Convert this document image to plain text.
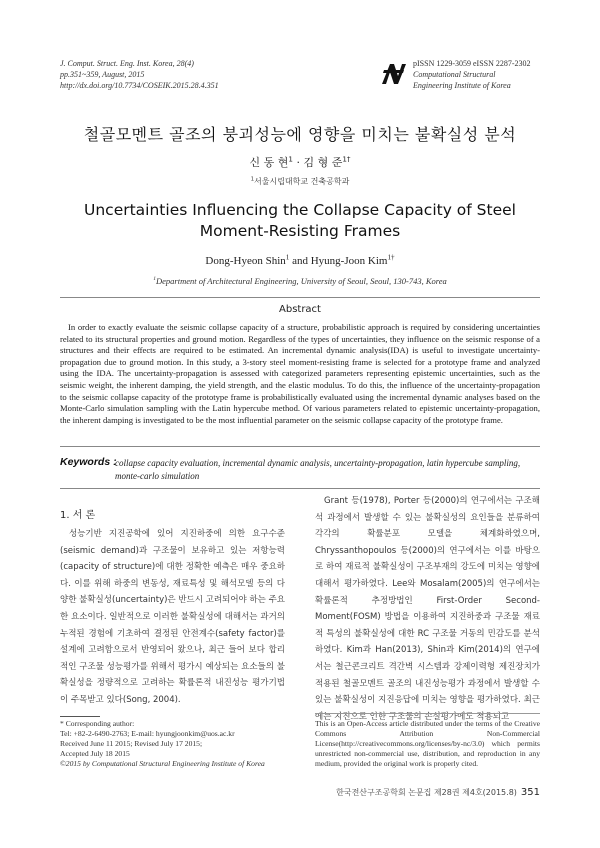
J. Comput. Struct. Eng. Inst. Korea, 28(4)
pp.351~359, August, 2015
http://dx.doi.org/10.7734/COSEIK.2015.28.4.351
pISSN 1229-3059 eISSN 2287-2302
Computational Structural
Engineering Institute of Korea
철골모멘트 골조의 붕괴성능에 영향을 미치는 불확실성 분석
신 동 현$^1$ · 김 형 준$^{1\dagger}$
$^1$서울시립대학교 건축공학과
Uncertainties Influencing the Collapse Capacity of Steel
Moment-Resisting Frames
Dong-Hyeon Shin$^1$ and Hyung-Joon Kim$^{1\dagger}$
$^1$Department of Architectural Engineering, University of Seoul, Seoul, 130-743, Korea
Abstract
In order to exactly evaluate the seismic collapse capacity of a structure, probabilistic approach is required by considering uncertainties related to its structural properties and ground motion. Regardless of the types of uncertainties, they influence on the seismic response of a structures and their effects are required to be estimated. An incremental dynamic analysis(IDA) is useful to investigate uncertainty-propagation due to ground motion. In this study, a 3-story steel moment-resisting frame is selected for a prototype frame and analyzed using the IDA. The uncertainty-propagation is assessed with categorized parameters representing epistemic uncertainties, such as the seismic weight, the inherent damping, the yield strength, and the elastic modulus. To do this, the influence of the uncertainty-propagation to the seismic collapse capacity of the prototype frame is probabilistically evaluated using the incremental dynamic analyses based on the Monte-Carlo simulation sampling with the Latin hypercube method. Of various parameters related to epistemic uncertainty-propagation, the inherent damping is investigated to be the most influential parameter on the seismic collapse capacity of the prototype frame.
Keywords :
collapse capacity evaluation, incremental dynamic analysis, uncertainty-propagation, latin hypercube sampling, monte-carlo simulation
1. 서 론
성능기반 지진공학에 있어 지진하중에 의한 요구수준(seismic demand)과 구조물이 보유하고 있는 저항능력(capacity of structure)에 대한 정확한 예측은 매우 중요하다. 이를 위해 하중의 변동성, 재료특성 및 해석모델 등의 다양한 불확실성(uncertainty)은 반드시 고려되어야 하는 주요한 요소이다. 일반적으로 이러한 불확실성에 대해서는 과거의 누적된 경험에 기초하여 결정된 안전계수(safety factor)를 설계에 고려함으로서 반영되어 왔으나, 최근 들어 보다 합리적인 구조물 성능평가를 위해서 평가시 예상되는 요소들의 불확실성을 정량적으로 고려하는 확률론적 내진성능 평가기법이 주목받고 있다(Song, 2004).
Grant 등(1978), Porter 등(2000)의 연구에서는 구조해석 과정에서 발생할 수 있는 불확실성의 요인들을 분류하여 각각의 확률분포 모델을 체계화하였으며, Chryssanthopoulos 등(2000)의 연구에서는 이를 바탕으로 하여 재료적 불확실성이 구조부재의 강도에 미치는 영향에 대해서 평가하였다. Lee와 Mosalam(2005)의 연구에서는 확률론적 추정방법인 First-Order Second-Moment(FOSM) 방법을 이용하여 지진하중과 구조물 재료적 특성의 불확실성에 대한 RC 구조물 거동의 민감도를 분석하였다. Kim과 Han(2013), Shin과 Kim(2014)의 연구에서는 철근콘크리트 격간벽 시스템과 강제이력형 제진장치가 적용된 철골모멘트 골조의 내진성능평가 과정에서 발생할 수 있는 불확실성이 지진응답에 미치는 영향을 평가하였다. 최근에는 지진으로 인한 구조물의 손실평가에도 적용되고
* Corresponding author:
Tel: +82-2-6490-2763; E-mail: hyungjoonkim@uos.ac.kr
Received June 11 2015; Revised July 17 2015;
Accepted July 18 2015
©2015 by Computational Structural Engineering Institute of Korea
This is an Open-Access article distributed under the terms of the Creative Commons Attribution Non-Commercial License(http://creativecommons.org/licenses/by-nc/3.0) which permits unrestricted non-commercial use, distribution, and reproduction in any medium, provided the original work is properly cited.
한국전산구조공학회 논문집 제28권 제4호(2015.8) 351
